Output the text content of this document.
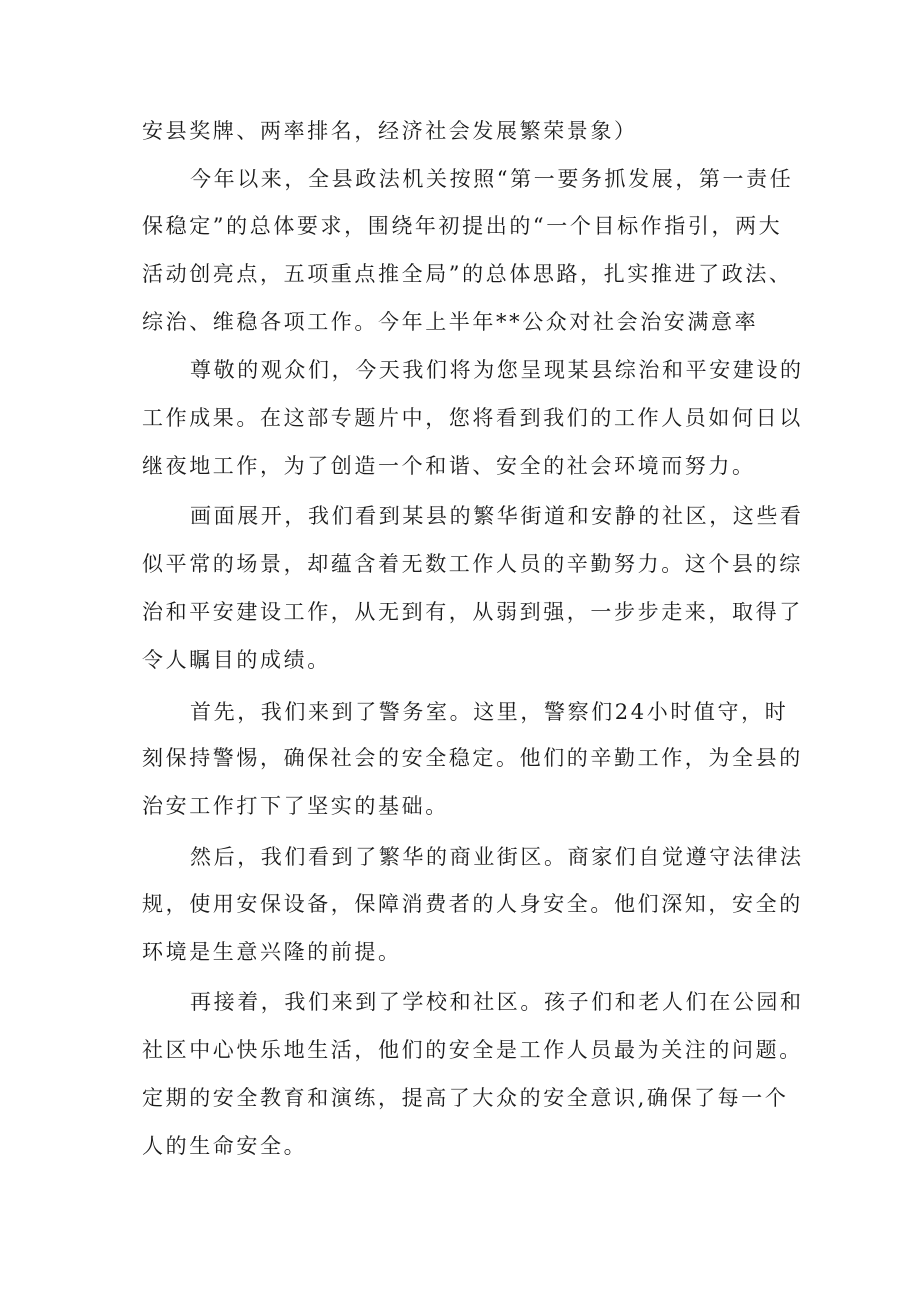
安县奖牌、两率排名，经济社会发展繁荣景象）
今年以来，全县政法机关按照“第一要务抓发展，第一责任
保稳定”的总体要求，围绕年初提出的“一个目标作指引，两大
活动创亮点，五项重点推全局”的总体思路，扎实推进了政法、
综治、维稳各项工作。今年上半年**公众对社会治安满意率
尊敬的观众们，今天我们将为您呈现某县综治和平安建设的
工作成果。在这部专题片中，您将看到我们的工作人员如何日以
继夜地工作，为了创造一个和谐、安全的社会环境而努力。
画面展开，我们看到某县的繁华街道和安静的社区，这些看
似平常的场景，却蕴含着无数工作人员的辛勤努力。这个县的综
治和平安建设工作，从无到有，从弱到强，一步步走来，取得了
令人瞩目的成绩。
首先，我们来到了警务室。这里，警察们24小时值守，时
刻保持警惕，确保社会的安全稳定。他们的辛勤工作，为全县的
治安工作打下了坚实的基础。
然后，我们看到了繁华的商业街区。商家们自觉遵守法律法
规，使用安保设备，保障消费者的人身安全。他们深知，安全的
环境是生意兴隆的前提。
再接着，我们来到了学校和社区。孩子们和老人们在公园和
社区中心快乐地生活，他们的安全是工作人员最为关注的问题。
定期的安全教育和演练，提高了大众的安全意识,确保了每一个
人的生命安全。
